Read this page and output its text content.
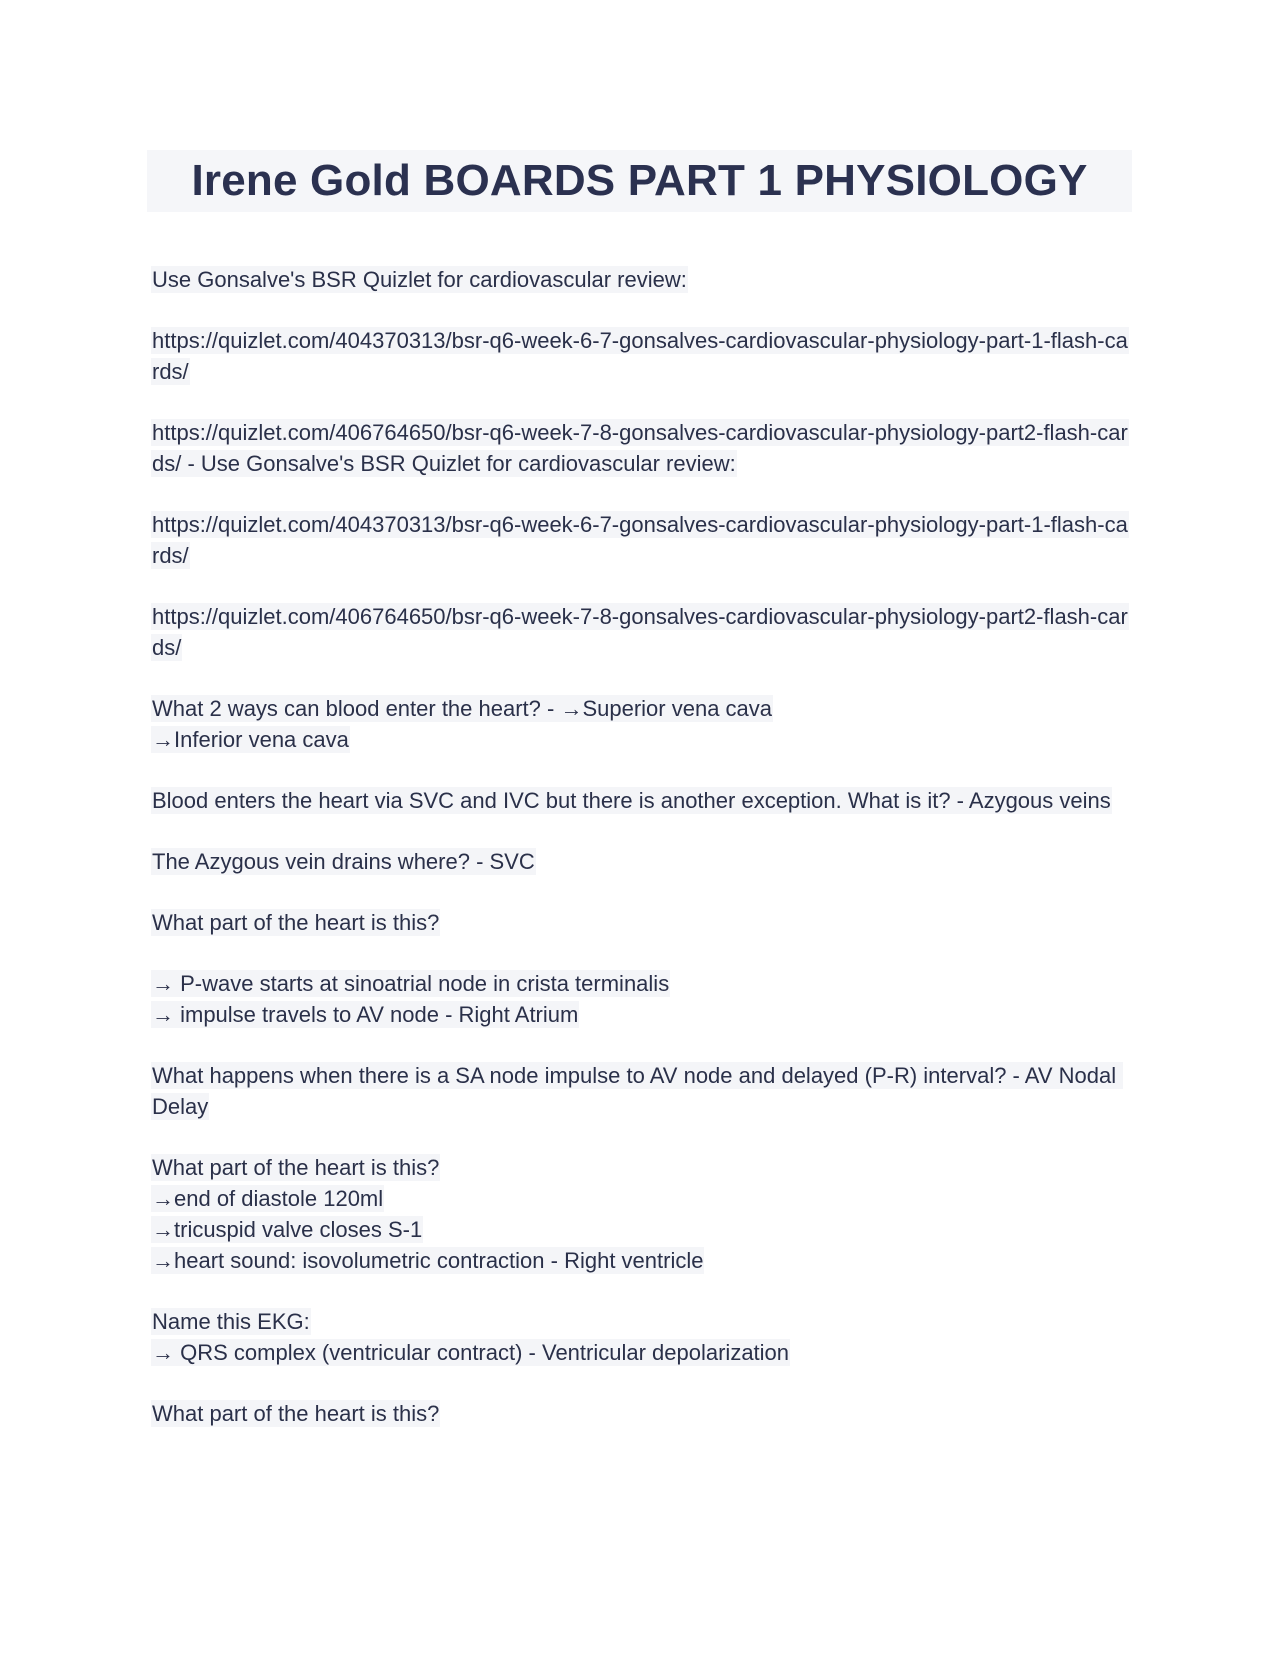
Irene Gold BOARDS PART 1 PHYSIOLOGY
Use Gonsalve's BSR Quizlet for cardiovascular review:
https://quizlet.com/404370313/bsr-q6-week-6-7-gonsalves-cardiovascular-physiology-part-1-flash-cards/
https://quizlet.com/406764650/bsr-q6-week-7-8-gonsalves-cardiovascular-physiology-part2-flash-cards/ - Use Gonsalve's BSR Quizlet for cardiovascular review:
https://quizlet.com/404370313/bsr-q6-week-6-7-gonsalves-cardiovascular-physiology-part-1-flash-cards/
https://quizlet.com/406764650/bsr-q6-week-7-8-gonsalves-cardiovascular-physiology-part2-flash-cards/
What 2 ways can blood enter the heart? - →Superior vena cava
→Inferior vena cava
Blood enters the heart via SVC and IVC but there is another exception. What is it? - Azygous veins
The Azygous vein drains where? - SVC
What part of the heart is this?
→ P-wave starts at sinoatrial node in crista terminalis
→ impulse travels to AV node - Right Atrium
What happens when there is a SA node impulse to AV node and delayed (P-R) interval? - AV Nodal Delay
What part of the heart is this?
→end of diastole 120ml
→tricuspid valve closes S-1
→heart sound: isovolumetric contraction - Right ventricle
Name this EKG:
→ QRS complex (ventricular contract) - Ventricular depolarization
What part of the heart is this?
